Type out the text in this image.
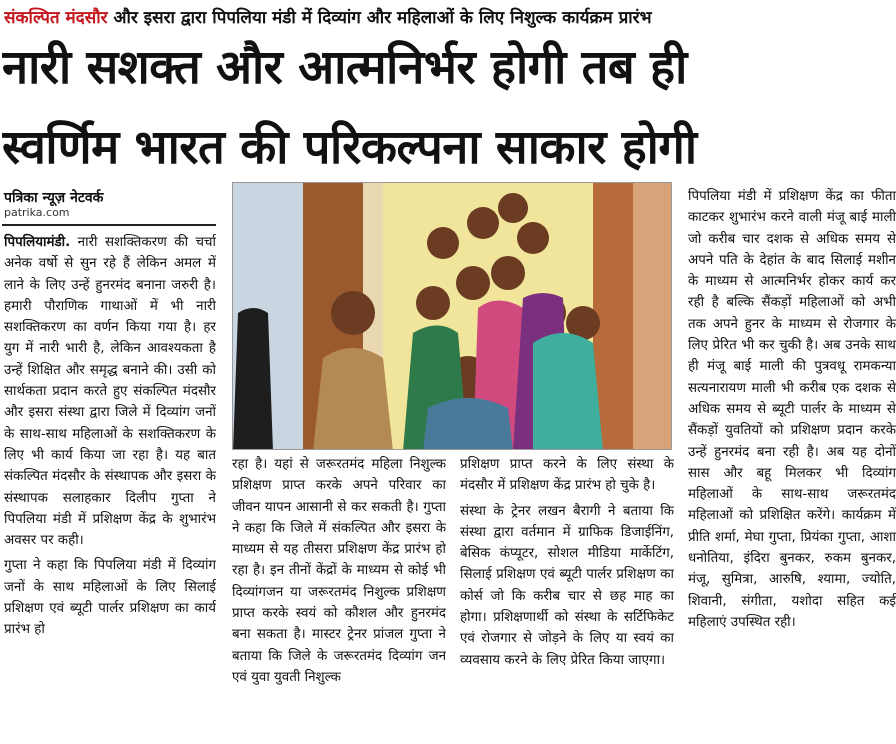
संकल्पित मंदसौर और इसरा द्वारा पिपलिया मंडी में दिव्यांग और महिलाओं के लिए निशुल्क कार्यक्रम प्रारंभ
नारी सशक्त और आत्मनिर्भर होगी तब ही
स्वर्णिम भारत की परिकल्पना साकार होगी
पत्रिका न्यूज़ नेटवर्क
patrika.com

पिपलियामंडी. नारी सशक्तिकरण की चर्चा अनेक वर्षो से सुन रहे हैं लेकिन अमल में लाने के लिए उन्हें हुनरमंद बनाना जरुरी है। हमारी पौराणिक गाथाओं में भी नारी सशक्तिकरण का वर्णन किया गया है। हर युग में नारी भारी है, लेकिन आवश्यकता है उन्हें शिक्षित और समृद्ध बनाने की। उसी को सार्थकता प्रदान करते हुए संकल्पित मंदसौर और इसरा संस्था द्वारा जिले में दिव्यांग जनों के साथ-साथ महिलाओं के सशक्तिकरण के लिए भी कार्य किया जा रहा है। यह बात संकल्पित मंदसौर के संस्थापक और इसरा के संस्थापक सलाहकार दिलीप गुप्ता ने पिपलिया मंडी में प्रशिक्षण केंद्र के शुभारंभ अवसर पर कही।

गुप्ता ने कहा कि पिपलिया मंडी में दिव्यांग जनों के साथ महिलाओं के लिए सिलाई प्रशिक्षण एवं ब्यूटी पार्लर प्रशिक्षण का कार्य प्रारंभ हो

रहा है। यहां से जरूरतमंद महिला निशुल्क प्रशिक्षण प्राप्त करके अपने परिवार का जीवन यापन आसानी से कर सकती है। गुप्ता ने कहा कि जिले में संकल्पित और इसरा के माध्यम से यह तीसरा प्रशिक्षण केंद्र प्रारंभ हो रहा है। इन तीनों केंद्रों के माध्यम से कोई भी दिव्यांगजन या जरूरतमंद निशुल्क प्रशिक्षण प्राप्त करके स्वयं को कौशल और हुनरमंद बना सकता है। मास्टर ट्रेनर प्रांजल गुप्ता ने बताया कि जिले के जरूरतमंद दिव्यांग जन एवं युवा युवती निशुल्क

प्रशिक्षण प्राप्त करने के लिए संस्था के मंदसौर में प्रशिक्षण केंद्र प्रारंभ हो चुके है।

संस्था के ट्रेनर लखन बैरागी ने बताया कि संस्था द्वारा वर्तमान में ग्राफिक डिजाईनिंग, बेसिक कंप्यूटर, सोशल मीडिया मार्केटिंग, सिलाई प्रशिक्षण एवं ब्यूटी पार्लर प्रशिक्षण का कोर्स जो कि करीब चार से छह माह का होगा। प्रशिक्षणार्थी को संस्था के सर्टिफिकेट एवं रोजगार से जोड़ने के लिए या स्वयं का व्यवसाय करने के लिए प्रेरित किया जाएगा।

पिपलिया मंडी में प्रशिक्षण केंद्र का फीता काटकर शुभारंभ करने वाली मंजू बाई माली जो करीब चार दशक से अधिक समय से अपने पति के देहांत के बाद सिलाई मशीन के माध्यम से आत्मनिर्भर होकर कार्य कर रही है बल्कि सैंकड़ों महिलाओं को अभी तक अपने हुनर के माध्यम से रोजगार के लिए प्रेरित भी कर चुकी है। अब उनके साथ ही मंजू बाई माली की पुत्रवधू रामकन्या सत्यनारायण माली भी करीब एक दशक से अधिक समय से ब्यूटी पार्लर के माध्यम से सैंकड़ों युवतियों को प्रशिक्षण प्रदान करके उन्हें हुनरमंद बना रही है। अब यह दोनों सास और बहू मिलकर भी दिव्यांग महिलाओं के साथ-साथ जरूरतमंद महिलाओं को प्रशिक्षित करेंगे। कार्यक्रम में प्रीति शर्मा, मेघा गुप्ता, प्रियंका गुप्ता, आशा धनोतिया, इंदिरा बुनकर, रुकम बुनकर, मंजू, सुमित्रा, आरुषि, श्यामा, ज्योति, शिवानी, संगीता, यशोदा सहित कई महिलाएं उपस्थित रही।
